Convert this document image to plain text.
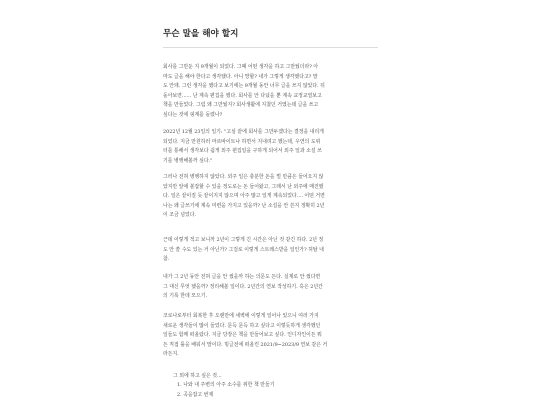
무슨 말을 해야 할지
회사를 그만둔 지 9개월이 되었다. 그때 어떤 생각을 하고 그만뒀더라? 아
마도 글을 해야 한다고 생각했다. 아니 망할? 내가 그렇게 생각했다고? 말
도 안돼. 그런 생각을 했다고 보기에는 9개월 동안 너무 글을 쓰지 않았다. 뒤
돌아보면...... 난 계속 편집을 했다. 회사를 안 다녔을 뿐 계속 교정교열보고
책을 만들었다. 그럼 왜 그만뒀지? 회사생활에 지쳤던 거였는데 글을 쓰고
싶다는 것에 핑계를 돌렸나?
2022년 12월 23일의 일기: "고심 끝에 회사를 그만두겠다는 결정을 내리게
되었다. 지금 만원하러 마르바이트나 하면서 지내려고 했는데, 우연의 도위
터를 통해서 생각보다 쉽게 외주 편집일을 구하게 되어서 외주 일과 소설 쓰
기를 병행해볼까 싶다."
그러나 전혀 병행하지 않았다. 외주 일은 충분한 돈을 벌 만큼은 들어오지 않
았지만 앞에 볼잡할 수 있을 정도로는 돈 들어왔고, 그래서 난 외주에 매진했
다. 일은 끝이질 듯 끝이지지 않으며 아주 많고 일게 계속되었다.... 어떤 거면
나는 왜 글쓰기에 계속 미련을 가지고 있을까? 난 소설을 안 쓴지 정확히 2년
이 조금 넘었다.
근데 이렇게 적고 보니까 2년이 그렇게 긴 시간은 아닌 것 같긴 하다. 2년 정
도 안 쓸 수도 있는 거 아닌가? 그걸로 이렇게 스트레스받을 일인가? 허탈 내
참.
내가 그 2년 동안 전혀 글을 안 썼을까 하는 의문도 든다. 실제로 안 썼다면
그 대신 무엇 했을까? 정리해볼 일이다. 2년간의 연보 작성하기. 혹은 2년간
의 기록 한데 모으기.
코로나로부터 회복한 후 오랜만에 새벽에 이렇게 일어나 있으니 여러 가지
새로운 생각들이 많이 들었다. 문득 문득 하고 싶다고 이렇듯하게 생각했던
일들도 함께 떠올랐다. 지금 당장은 책을 만들어보고 싶다. 인디자인이든 뭐
든 직접 툴을 배워서 말이다. 빙글전에 떠올린 2021/9~2023/9 연보 같은 거
라든지.
그 외에 하고 싶은 것...
1. 나와 내 주변의 아주 소수를 위한 책 만들기
2. 곡을잡고 번제
